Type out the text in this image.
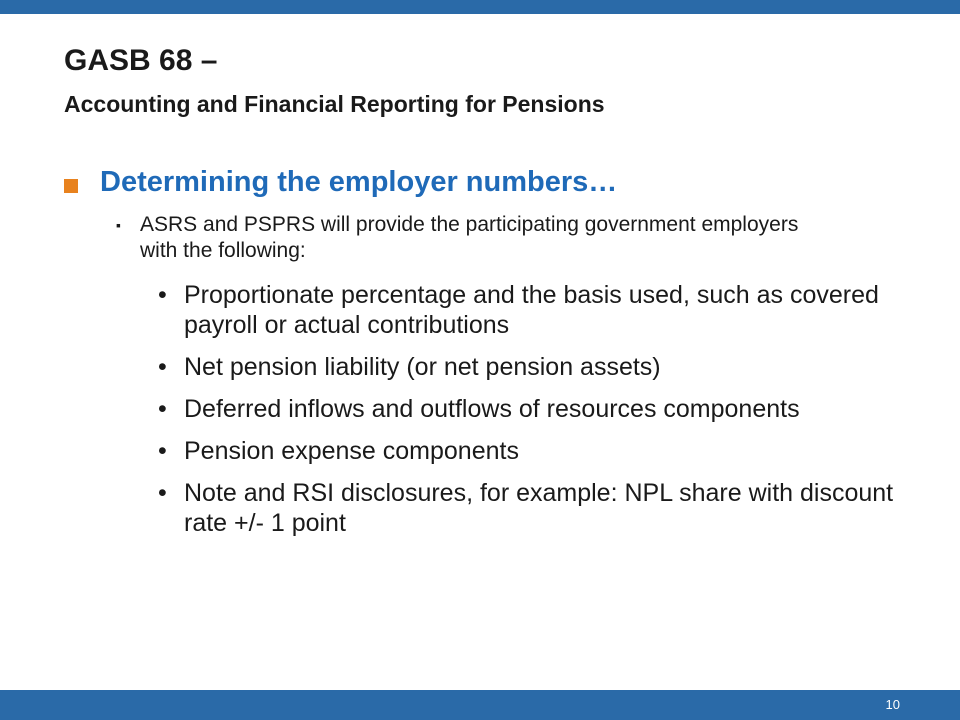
GASB 68 –
Accounting and Financial Reporting for Pensions
Determining the employer numbers…
▪ ASRS and PSPRS will provide the participating government employers with the following:
• Proportionate percentage and the basis used, such as covered payroll or actual contributions
• Net pension liability (or net pension assets)
• Deferred inflows and outflows of resources components
• Pension expense components
• Note and RSI disclosures, for example: NPL share with discount rate +/- 1 point
10
